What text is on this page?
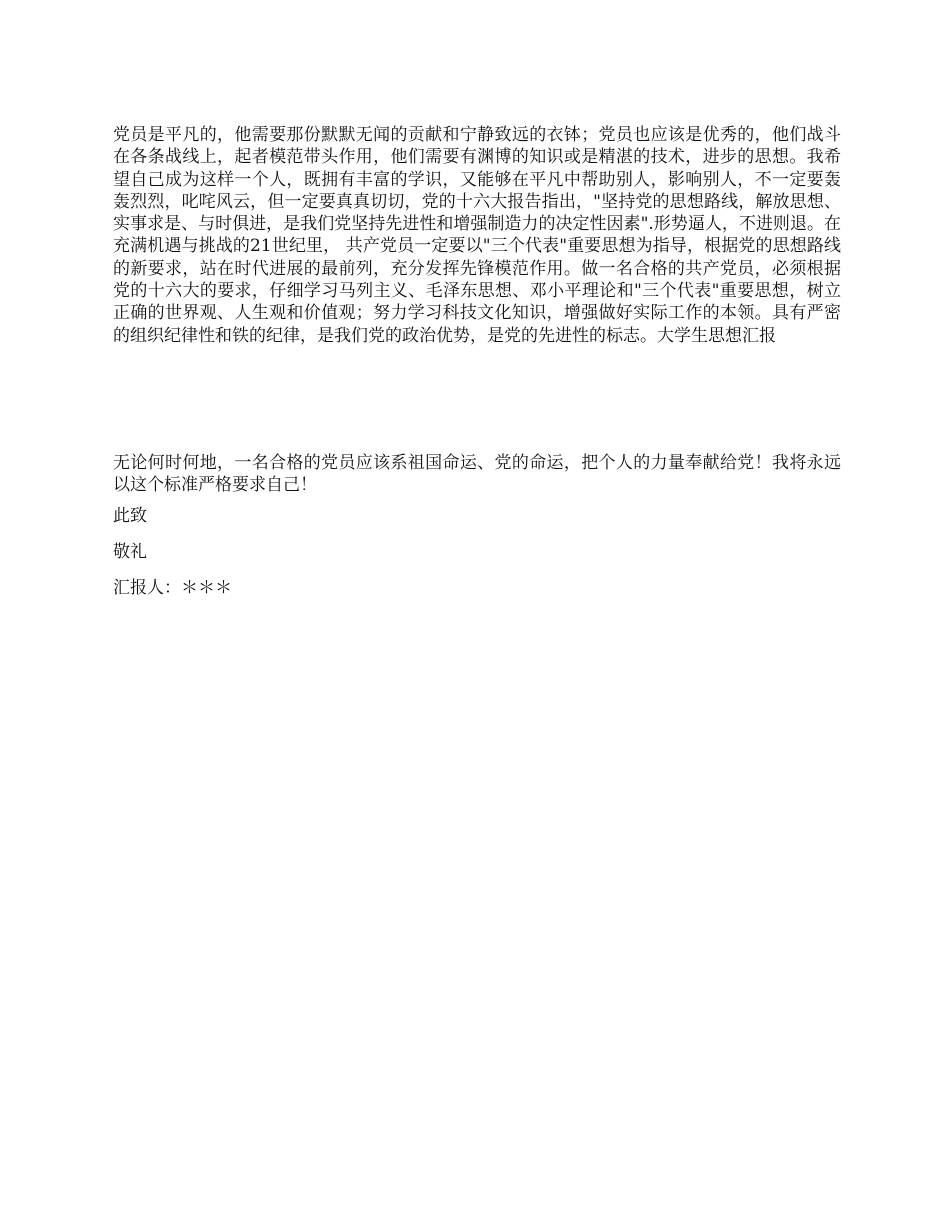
党员是平凡的，他需要那份默默无闻的贡献和宁静致远的衣钵；党员也应该是优秀的，他们战斗在各条战线上，起者模范带头作用，他们需要有渊博的知识或是精湛的技术，进步的思想。我希望自己成为这样一个人，既拥有丰富的学识，又能够在平凡中帮助别人，影响别人，不一定要轰轰烈烈，叱咤风云，但一定要真真切切，党的十六大报告指出，"坚持党的思想路线，解放思想、实事求是、与时俱进，是我们党坚持先进性和增强制造力的决定性因素".形势逼人，不进则退。在充满机遇与挑战的21世纪里， 共产党员一定要以"三个代表"重要思想为指导，根据党的思想路线的新要求，站在时代进展的最前列，充分发挥先锋模范作用。做一名合格的共产党员，必须根据党的十六大的要求，仔细学习马列主义、毛泽东思想、邓小平理论和"三个代表"重要思想，树立正确的世界观、人生观和价值观；努力学习科技文化知识，增强做好实际工作的本领。具有严密的组织纪律性和铁的纪律，是我们党的政治优势，是党的先进性的标志。大学生思想汇报

无论何时何地，一名合格的党员应该系祖国命运、党的命运，把个人的力量奉献给党！我将永远以这个标准严格要求自己！

此致

敬礼

汇报人：＊＊＊
